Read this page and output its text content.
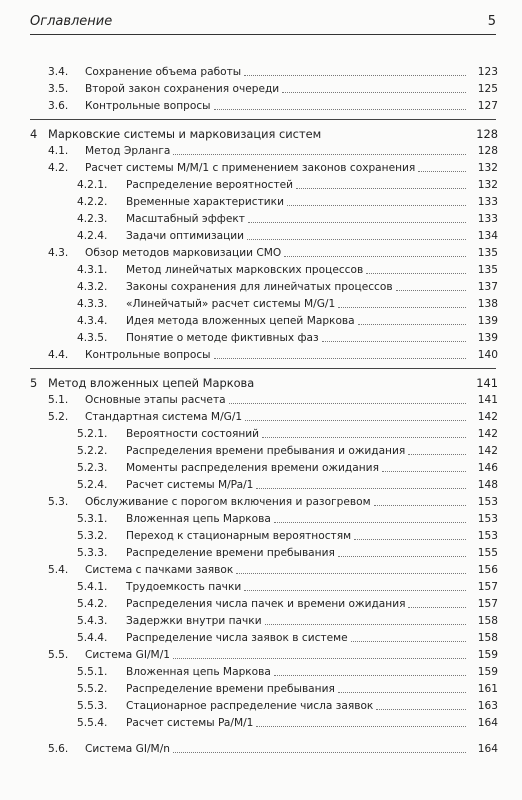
Оглавление	5
3.4. Сохранение объема работы	123
3.5. Второй закон сохранения очереди	125
3.6. Контрольные вопросы	127
4 Марковские системы и марковизация систем	128
4.1. Метод Эрланга	128
4.2. Расчет системы M/M/1 с применением законов сохранения	132
4.2.1. Распределение вероятностей	132
4.2.2. Временные характеристики	133
4.2.3. Масштабный эффект	133
4.2.4. Задачи оптимизации	134
4.3. Обзор методов марковизации СМО	135
4.3.1. Метод линейчатых марковских процессов	135
4.3.2. Законы сохранения для линейчатых процессов	137
4.3.3. «Линейчатый» расчет системы M/G/1	138
4.3.4. Идея метода вложенных цепей Маркова	139
4.3.5. Понятие о методе фиктивных фаз	139
4.4. Контрольные вопросы	140
5 Метод вложенных цепей Маркова	141
5.1. Основные этапы расчета	141
5.2. Стандартная система M/G/1	142
5.2.1. Вероятности состояний	142
5.2.2. Распределения времени пребывания и ожидания	142
5.2.3. Моменты распределения времени ожидания	146
5.2.4. Расчет системы M/Pa/1	148
5.3. Обслуживание с порогом включения и разогревом	153
5.3.1. Вложенная цепь Маркова	153
5.3.2. Переход к стационарным вероятностям	153
5.3.3. Распределение времени пребывания	155
5.4. Система с пачками заявок	156
5.4.1. Трудоемкость пачки	157
5.4.2. Распределения числа пачек и времени ожидания	157
5.4.3. Задержки внутри пачки	158
5.4.4. Распределение числа заявок в системе	158
5.5. Система GI/M/1	159
5.5.1. Вложенная цепь Маркова	159
5.5.2. Распределение времени пребывания	161
5.5.3. Стационарное распределение числа заявок	163
5.5.4. Расчет системы Pa/M/1	164
5.6. Система GI/M/n	164
